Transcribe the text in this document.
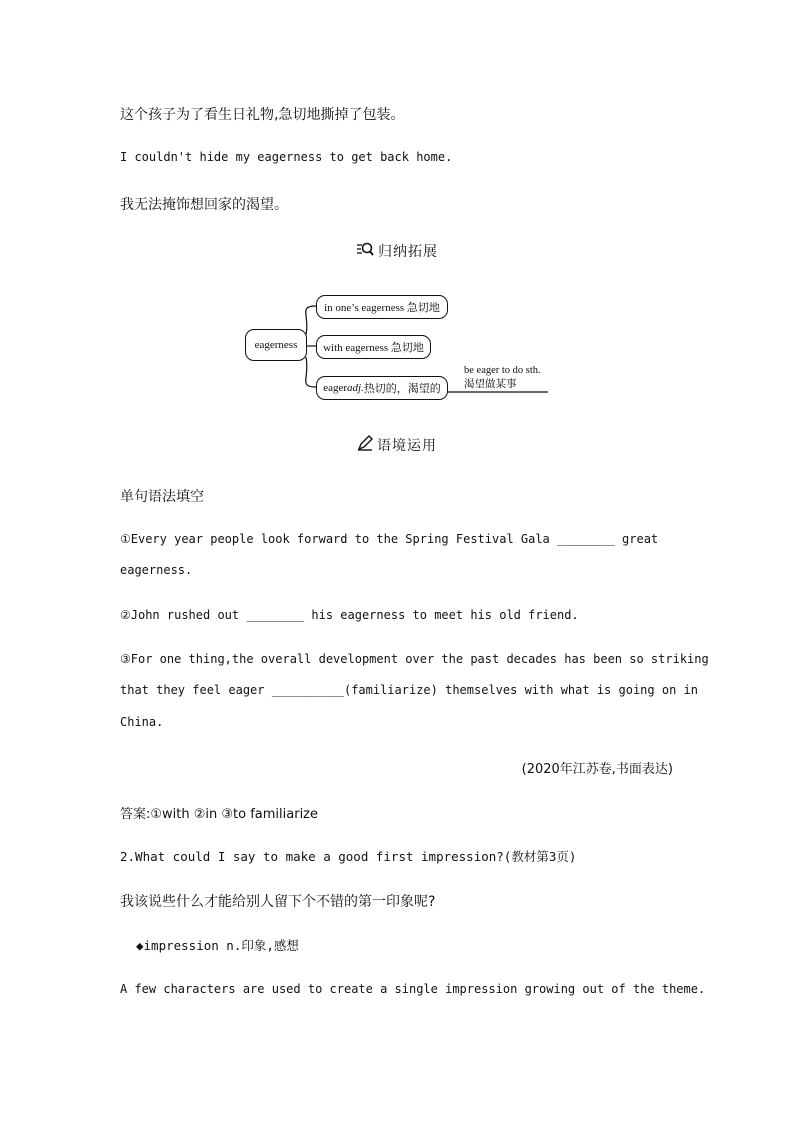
这个孩子为了看生日礼物,急切地撕掉了包装。
I couldn't hide my eagerness to get back home.
我无法掩饰想回家的渴望。
归纳拓展
eagerness
in one’s eagerness 急切地
with eagerness 急切地
eager adj. 热切的，渴望的
be eager to do sth.
渴望做某事
语境运用
单句语法填空
①Every year people look forward to the Spring Festival Gala ________ great
eagerness.
②John rushed out ________ his eagerness to meet his old friend.
③For one thing,the overall development over the past decades has been so striking
that they feel eager __________(familiarize) themselves with what is going on in
China.
(2020年江苏卷,书面表达)
答案:①with ②in ③to familiarize
2.What could I say to make a good first impression?(教材第3页)
我该说些什么才能给别人留下个不错的第一印象呢?
◆impression n.印象,感想
A few characters are used to create a single impression growing out of the theme.
